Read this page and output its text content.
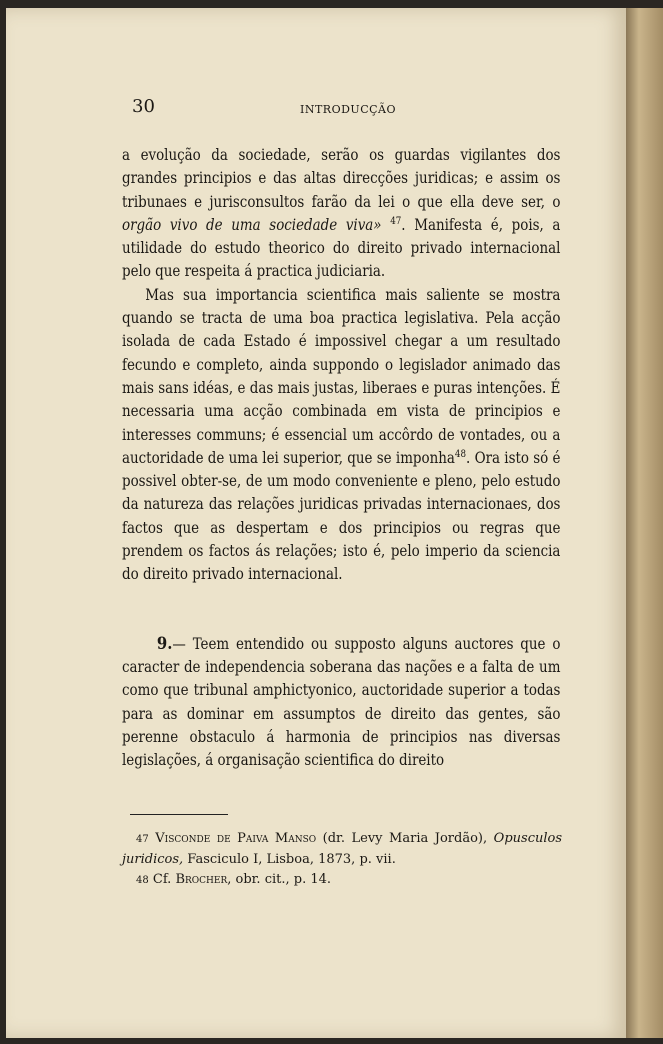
30	INTRODUCÇÃO

a evolução da sociedade, serão os guardas vigilantes dos grandes principios e das altas direcções juridicas; e assim os tribunaes e jurisconsultos farão da lei o que ella deve ser, o orgão vivo de uma sociedade viva» $^{47}$. Manifesta é, pois, a utilidade do estudo theorico do direito privado internacional pelo que respeita á practica judiciaria.

Mas sua importancia scientifica mais saliente se mostra quando se tracta de uma boa practica legislativa. Pela acção isolada de cada Estado é impossivel chegar a um resultado fecundo e completo, ainda suppondo o legislador animado das mais sans idéas, e das mais justas, liberaes e puras intenções. É necessaria uma acção combinada em vista de principios e interesses communs; é essencial um accôrdo de vontades, ou a auctoridade de uma lei superior, que se imponha$^{48}$. Ora isto só é possivel obter-se, de um modo conveniente e pleno, pelo estudo da natureza das relações juridicas privadas internacionaes, dos factos que as despertam e dos principios ou regras que prendem os factos ás relações; isto é, pelo imperio da sciencia do direito privado internacional.

9.— Teem entendido ou supposto alguns auctores que o caracter de independencia soberana das nações e a falta de um como que tribunal amphictyonico, auctoridade superior a todas para as dominar em assumptos de direito das gentes, são perenne obstaculo á harmonia de principios nas diversas legislações, á organisação scientifica do direito

47 Visconde de Paiva Manso (dr. Levy Maria Jordão), Opusculos juridicos, Fasciculo I, Lisboa, 1873, p. vii.

48 Cf. Brocher, obr. cit., p. 14.
